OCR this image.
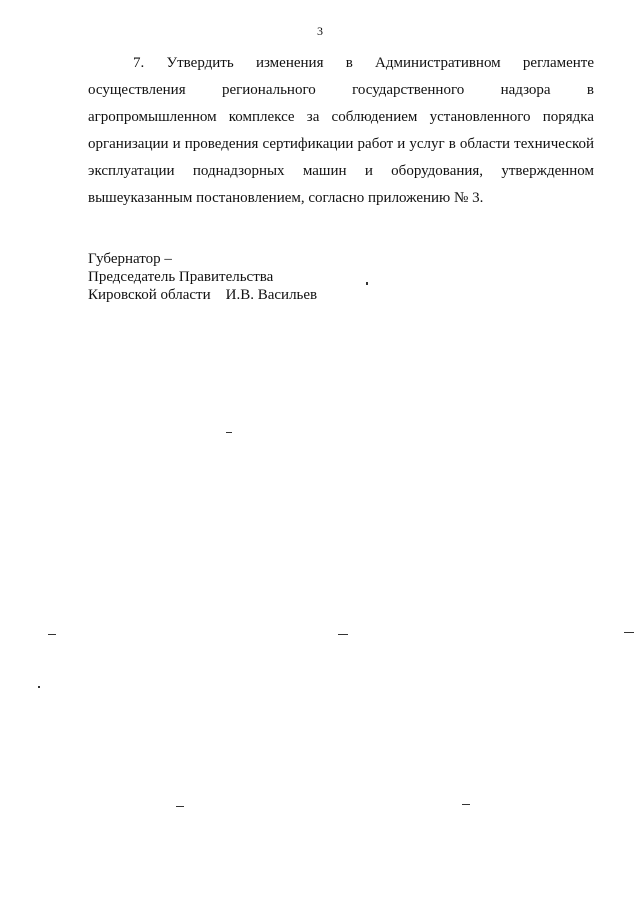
3

7. Утвердить изменения в Административном регламенте осуществления регионального государственного надзора в агропромышленном комплексе за соблюдением установленного порядка организации и проведения сертификации работ и услуг в области технической эксплуатации поднадзорных машин и оборудования, утвержденном вышеуказанным постановлением, согласно приложению № 3.

Губернатор –
Председатель Правительства
Кировской области    И.В. Васильев
